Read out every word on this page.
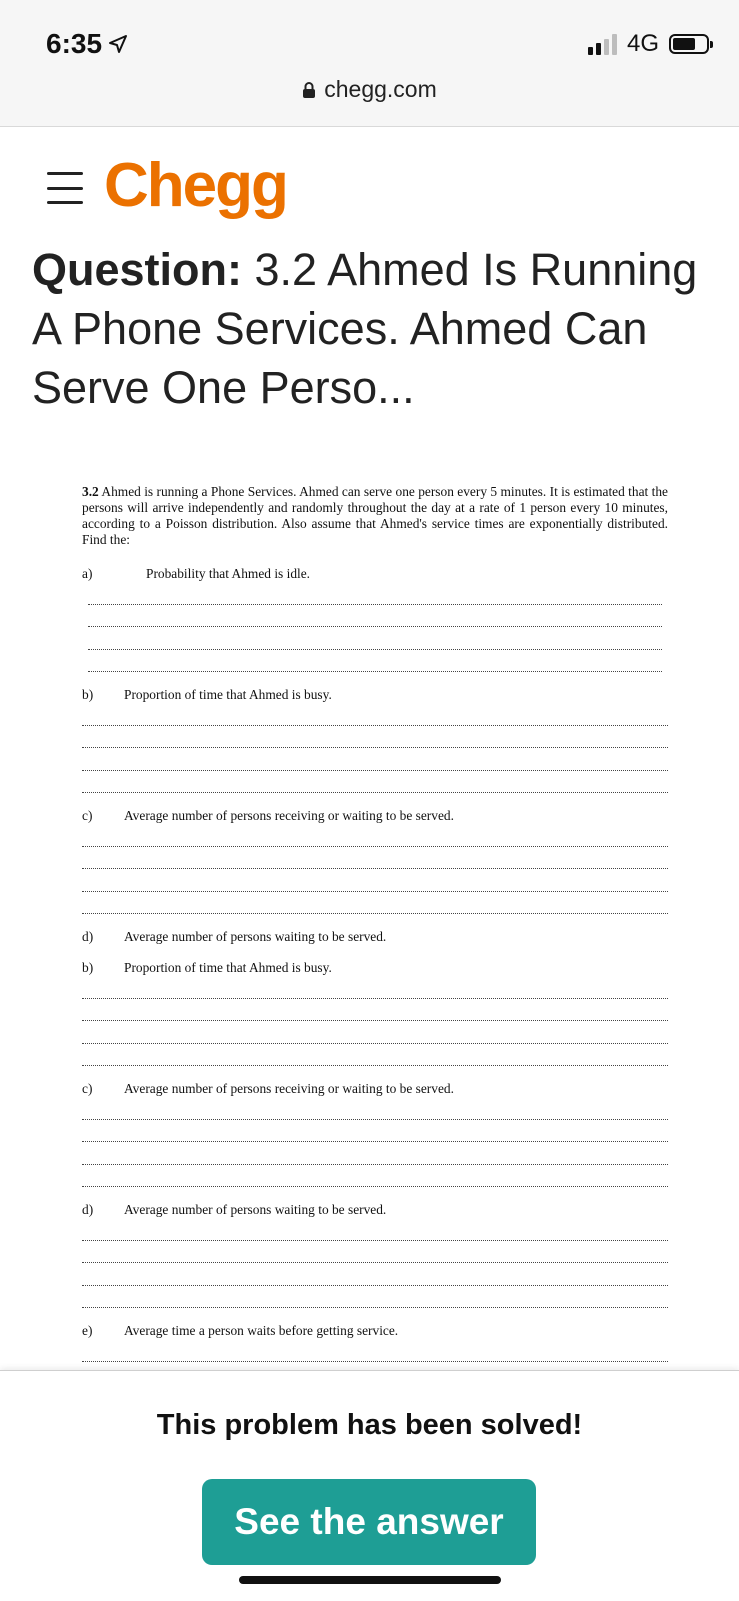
6:35	4G
chegg.com
Chegg
Question: 3.2 Ahmed Is Running A Phone Services. Ahmed Can Serve One Perso...

3.2 Ahmed is running a Phone Services. Ahmed can serve one person every 5 minutes. It is estimated that the persons will arrive independently and randomly throughout the day at a rate of 1 person every 10 minutes, according to a Poisson distribution. Also assume that Ahmed's service times are exponentially distributed. Find the:

a)	Probability that Ahmed is idle.
b)	Proportion of time that Ahmed is busy.
c)	Average number of persons receiving or waiting to be served.
d)	Average number of persons waiting to be served.
b)	Proportion of time that Ahmed is busy.
c)	Average number of persons receiving or waiting to be served.
d)	Average number of persons waiting to be served.
e)	Average time a person waits before getting service.
This problem has been solved!
See the answer
